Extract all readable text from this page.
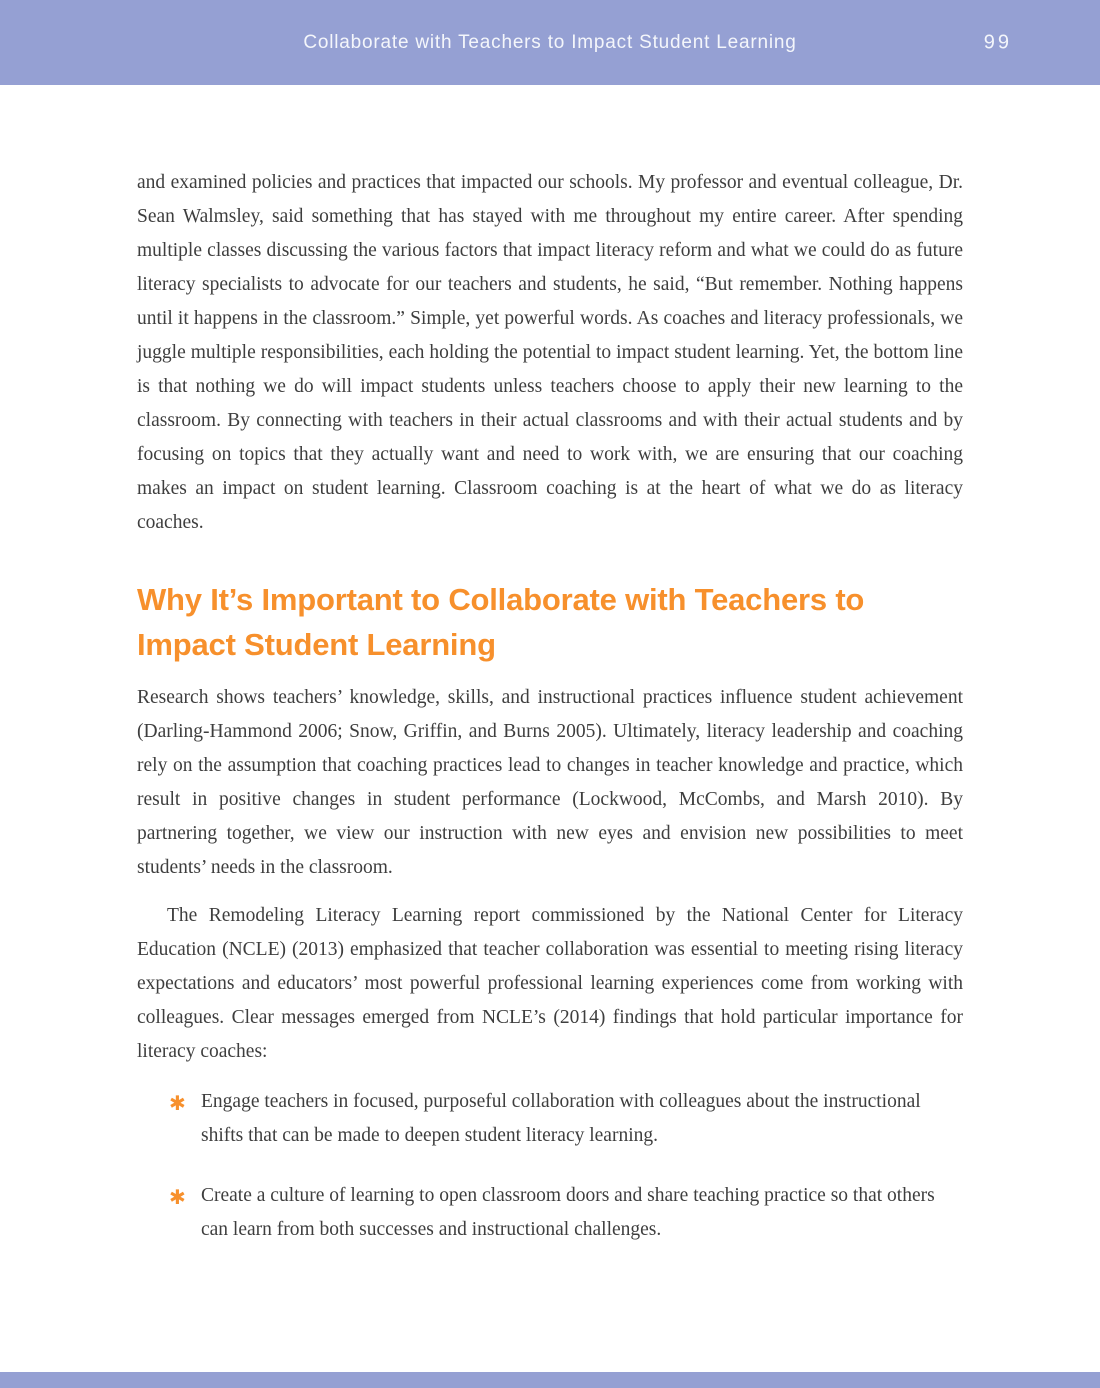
Collaborate with Teachers to Impact Student Learning	99

and examined policies and practices that impacted our schools. My professor and eventual colleague, Dr. Sean Walmsley, said something that has stayed with me throughout my entire career. After spending multiple classes discussing the various factors that impact literacy reform and what we could do as future literacy specialists to advocate for our teachers and students, he said, “But remember. Nothing happens until it happens in the classroom.” Simple, yet powerful words. As coaches and literacy professionals, we juggle multiple responsibilities, each holding the potential to impact student learning. Yet, the bottom line is that nothing we do will impact students unless teachers choose to apply their new learning to the classroom. By connecting with teachers in their actual classrooms and with their actual students and by focusing on topics that they actually want and need to work with, we are ensuring that our coaching makes an impact on student learning. Classroom coaching is at the heart of what we do as literacy coaches.

Why It’s Important to Collaborate with Teachers to
Impact Student Learning

Research shows teachers’ knowledge, skills, and instructional practices influence student achievement (Darling-Hammond 2006; Snow, Griffin, and Burns 2005). Ultimately, literacy leadership and coaching rely on the assumption that coaching practices lead to changes in teacher knowledge and practice, which result in positive changes in student performance (Lockwood, McCombs, and Marsh 2010). By partnering together, we view our instruction with new eyes and envision new possibilities to meet students’ needs in the classroom.

The Remodeling Literacy Learning report commissioned by the National Center for Literacy Education (NCLE) (2013) emphasized that teacher collaboration was essential to meeting rising literacy expectations and educators’ most powerful professional learning experiences come from working with colleagues. Clear messages emerged from NCLE’s (2014) findings that hold particular importance for literacy coaches:

✱ Engage teachers in focused, purposeful collaboration with colleagues about the instructional shifts that can be made to deepen student literacy learning.
✱ Create a culture of learning to open classroom doors and share teaching practice so that others can learn from both successes and instructional challenges.
